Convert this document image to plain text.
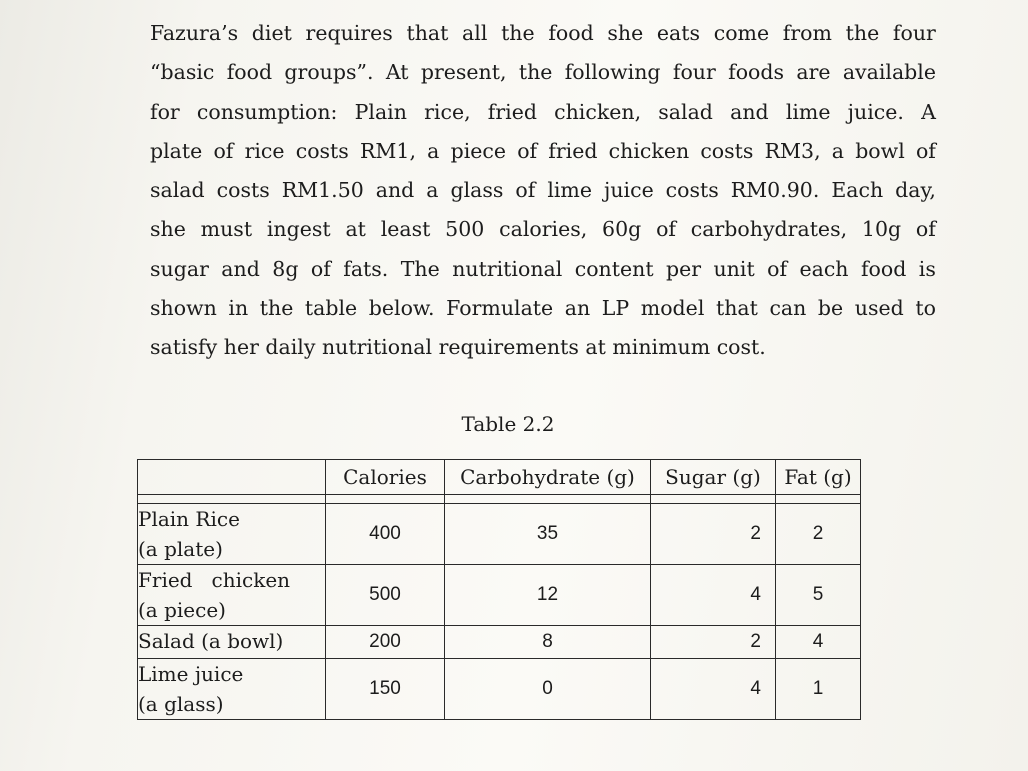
Fazura’s diet requires that all the food she eats come from the four
“basic food groups”. At present, the following four foods are available
for consumption: Plain rice, fried chicken, salad and lime juice. A
plate of rice costs RM1, a piece of fried chicken costs RM3, a bowl of
salad costs RM1.50 and a glass of lime juice costs RM0.90. Each day,
she must ingest at least 500 calories, 60g of carbohydrates, 10g of
sugar and 8g of fats. The nutritional content per unit of each food is
shown in the table below. Formulate an LP model that can be used to
satisfy her daily nutritional requirements at minimum cost.
Table 2.2
	Calories	Carbohydrate (g)	Sugar (g)	Fat (g)

Plain Rice
(a plate)	400	35	2	2

Fried   chicken
(a piece)	500	12	4	5

Salad (a bowl)	200	8	2	4

Lime juice
(a glass)	150	0	4	1
